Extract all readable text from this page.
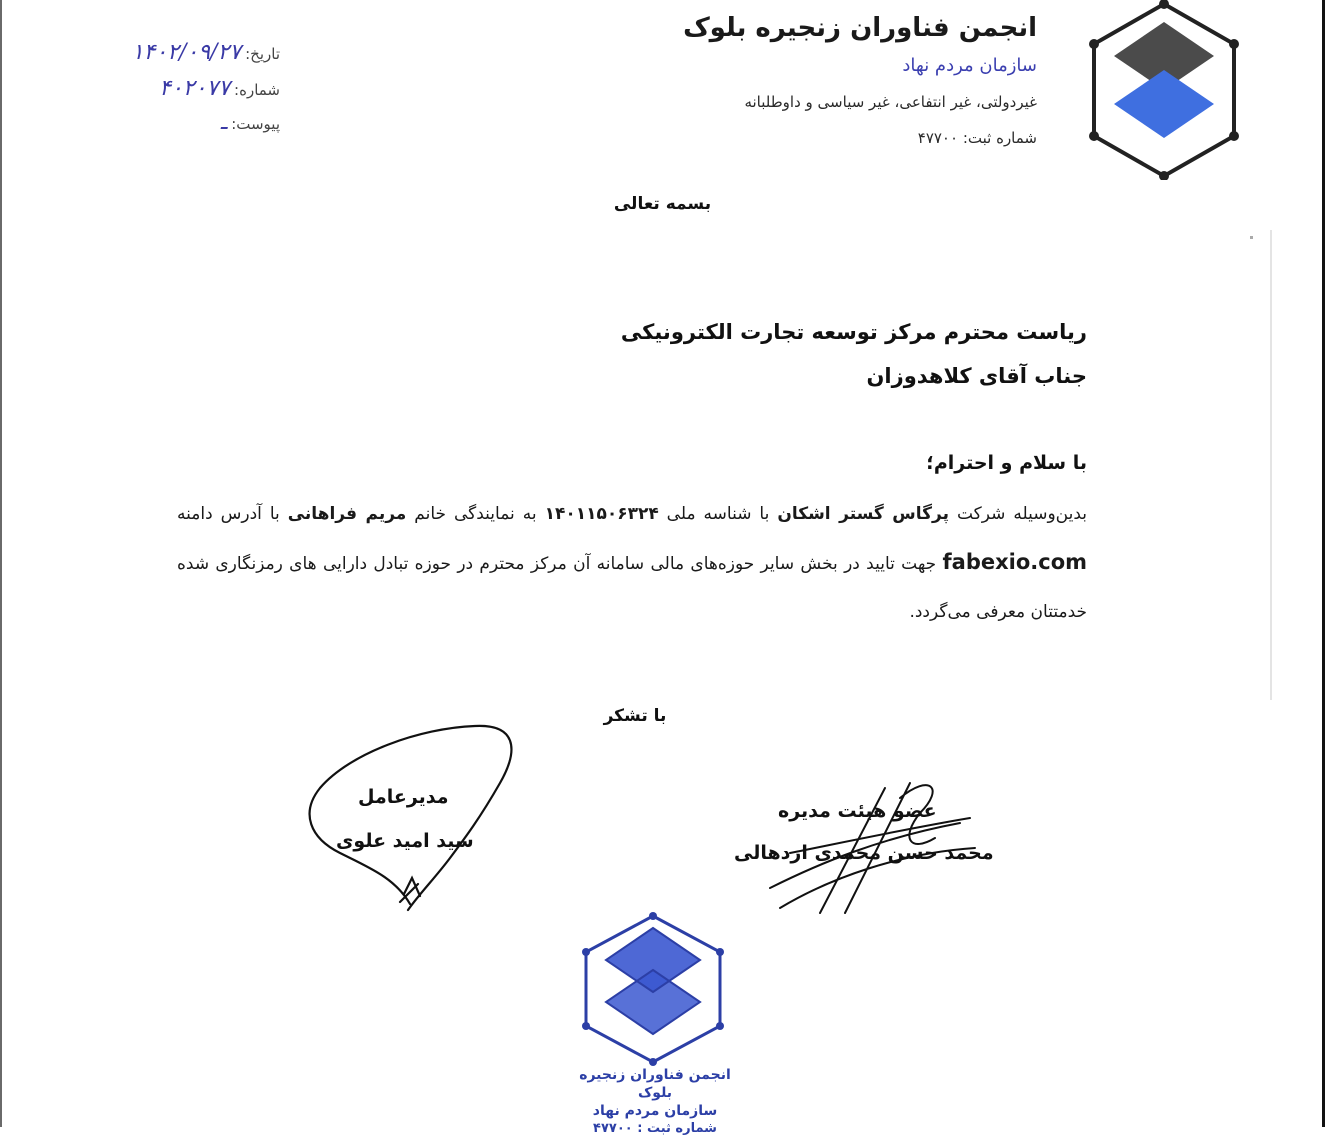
انجمن فناوران زنجیره بلوک
سازمان مردم نهاد
غیردولتی، غیر انتفاعی، غیر سیاسی و داوطلبانه
شماره ثبت: ۴۷۷۰۰
تاریخ:۱۴۰۲/۰۹/۲۷
شماره:۴۰۲۰۷۷
پیوست:ـ
بسمه تعالی
ریاست محترم مرکز توسعه تجارت الکترونیکی
جناب آقای کلاهدوزان
با سلام و احترام؛
بدین‌وسیله شرکت پرگاس گستر اشکان با شناسه ملی ۱۴۰۱۱۵۰۶۳۲۴ به نمایندگی خانم مریم فراهانی با آدرس دامنه fabexio.com جهت تایید در بخش سایر حوزه‌های مالی سامانه آن مرکز محترم در حوزه تبادل دارایی های رمزنگاری شده خدمتتان معرفی می‌گردد.
با تشکر
مدیرعامل
سید امید علوی
عضو هیئت مدیره
محمد حسن محمدی اردهالی
انجمن فناوران زنجیره بلوک
سازمان مردم نهاد
شماره ثبت : ۴۷۷۰۰
